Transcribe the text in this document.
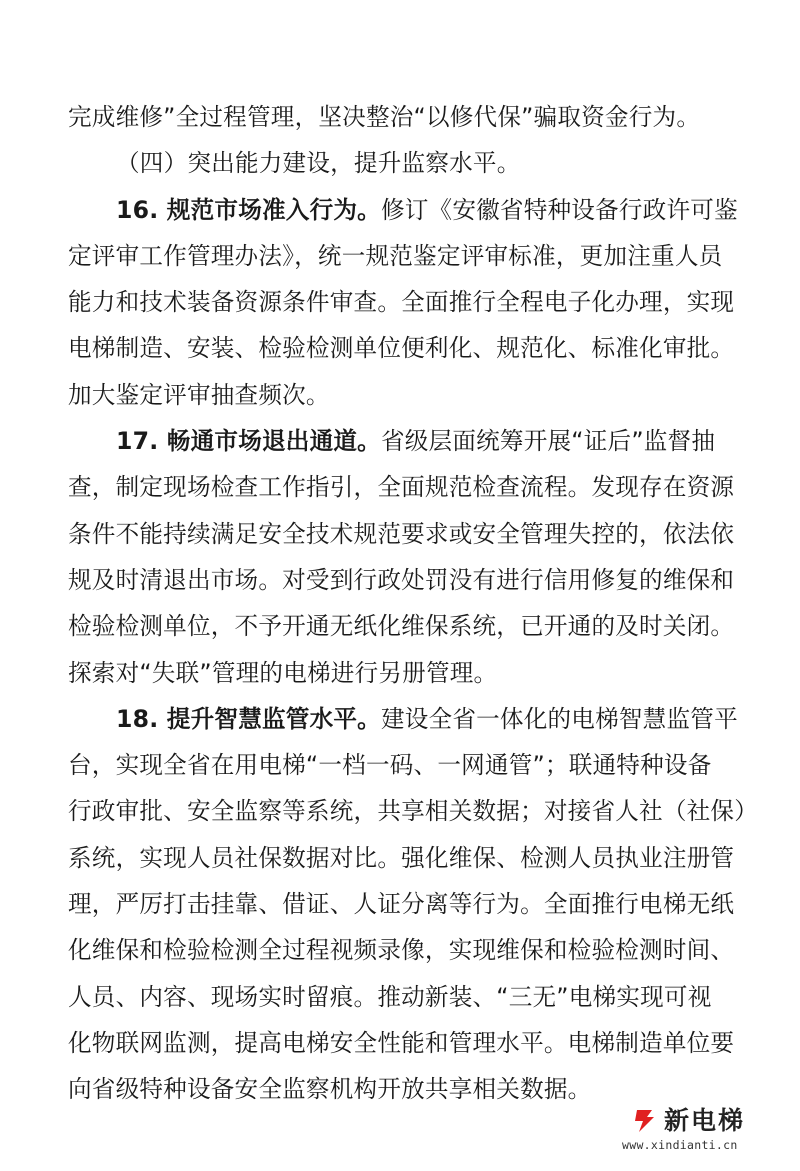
完成维修”全过程管理，坚决整治“以修代保”骗取资金行为。
（四）突出能力建设，提升监察水平。
16. 规范市场准入行为。修订《安徽省特种设备行政许可鉴
定评审工作管理办法》，统一规范鉴定评审标准，更加注重人员
能力和技术装备资源条件审查。全面推行全程电子化办理，实现
电梯制造、安装、检验检测单位便利化、规范化、标准化审批。
加大鉴定评审抽查频次。
17. 畅通市场退出通道。省级层面统筹开展“证后”监督抽
查，制定现场检查工作指引，全面规范检查流程。发现存在资源
条件不能持续满足安全技术规范要求或安全管理失控的，依法依
规及时清退出市场。对受到行政处罚没有进行信用修复的维保和
检验检测单位，不予开通无纸化维保系统，已开通的及时关闭。
探索对“失联”管理的电梯进行另册管理。
18. 提升智慧监管水平。建设全省一体化的电梯智慧监管平
台，实现全省在用电梯“一档一码、一网通管”；联通特种设备
行政审批、安全监察等系统，共享相关数据；对接省人社（社保）
系统，实现人员社保数据对比。强化维保、检测人员执业注册管
理，严厉打击挂靠、借证、人证分离等行为。全面推行电梯无纸
化维保和检验检测全过程视频录像，实现维保和检验检测时间、
人员、内容、现场实时留痕。推动新装、“三无”电梯实现可视
化物联网监测，提高电梯安全性能和管理水平。电梯制造单位要
向省级特种设备安全监察机构开放共享相关数据。
新电梯
www.xindianti.cn
